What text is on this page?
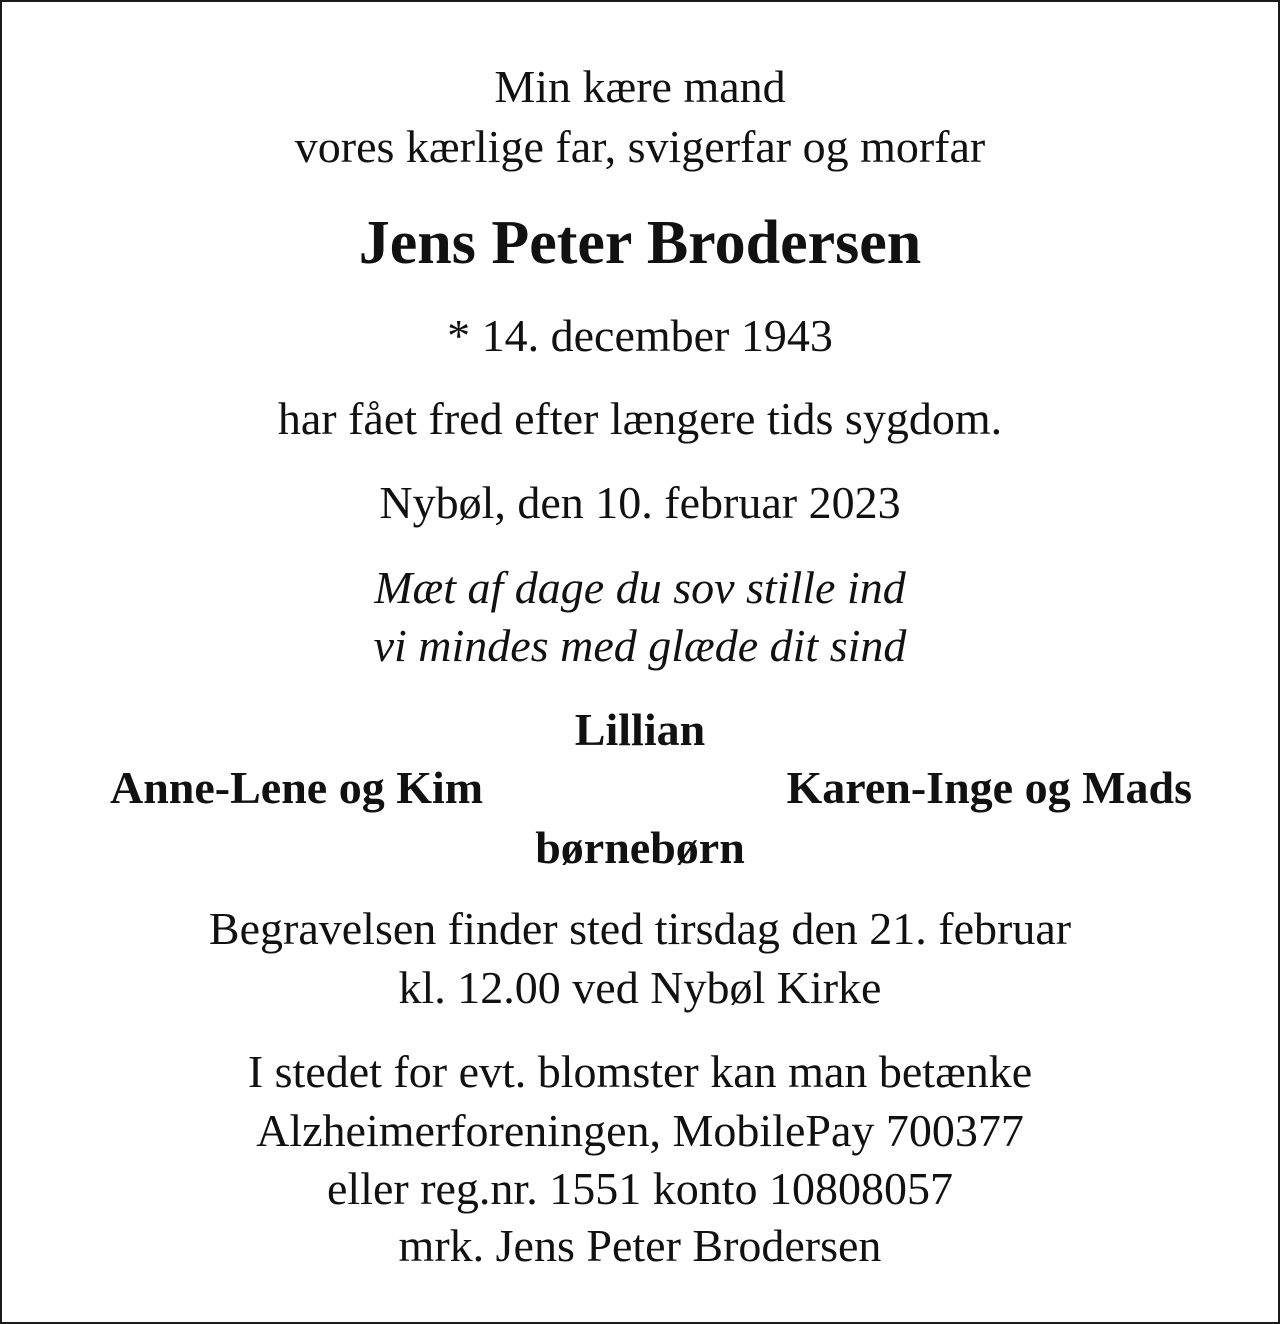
Min kære mand
vores kærlige far, svigerfar og morfar
Jens Peter Brodersen
* 14. december 1943
har fået fred efter længere tids sygdom.
Nybøl, den 10. februar 2023
Mæt af dage du sov stille ind
vi mindes med glæde dit sind
Lillian
Anne-Lene og Kim	Karen-Inge og Mads
børnebørn
Begravelsen finder sted tirsdag den 21. februar
kl. 12.00 ved Nybøl Kirke
I stedet for evt. blomster kan man betænke
Alzheimerforeningen, MobilePay 700377
eller reg.nr. 1551 konto 10808057
mrk. Jens Peter Brodersen
